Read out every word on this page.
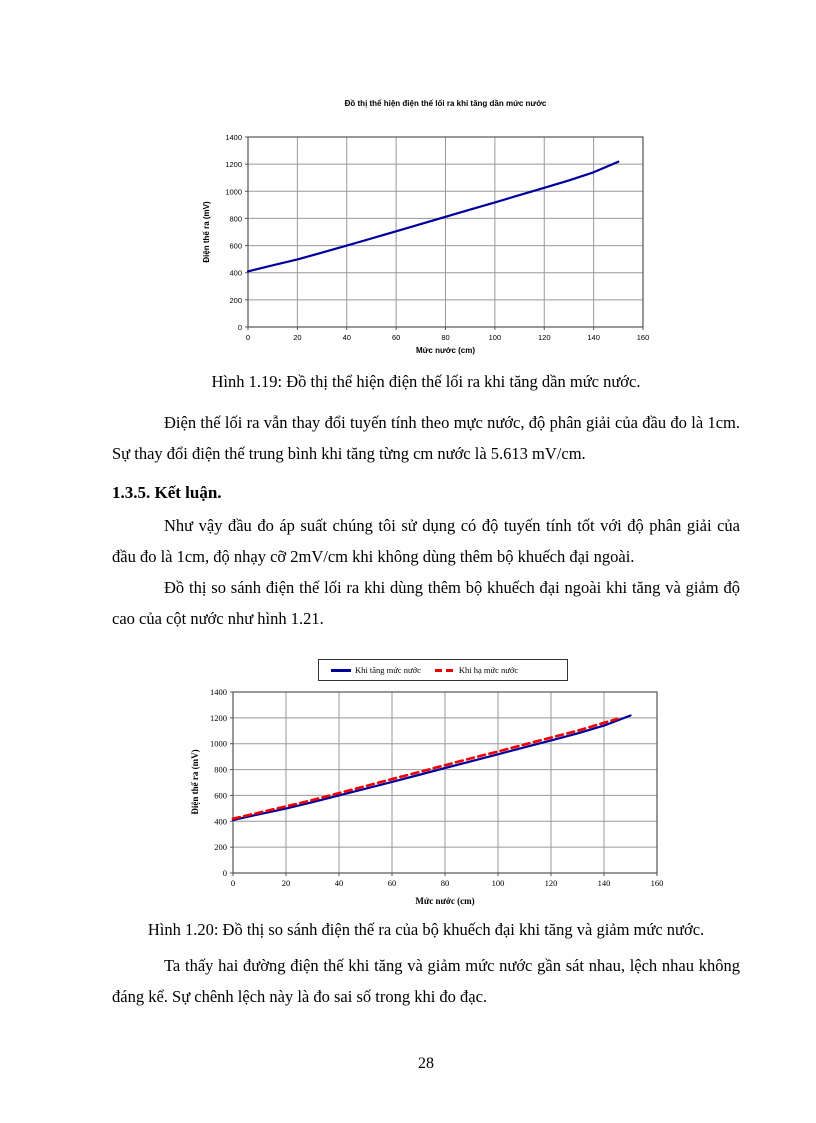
Đồ thị thể hiện điện thế lối ra khi tăng dần mức nước
Điện thế ra (mV)
0
200
400
600
800
1000
1200
1400
0	20	40	60	80	100	120	140	160
Mức nước (cm)
Hình 1.19: Đồ thị thể hiện điện thế lối ra khi tăng dần mức nước.
Điện thế lối ra vẫn thay đổi tuyến tính theo mực nước, độ phân giải của đầu đo là 1cm. Sự thay đổi điện thế trung bình khi tăng từng cm nước là 5.613 mV/cm.
1.3.5. Kết luận.
Như vậy đầu đo áp suất chúng tôi sử dụng có độ tuyến tính tốt với độ phân giải của đầu đo là 1cm, độ nhạy cỡ 2mV/cm khi không dùng thêm bộ khuếch đại ngoài.
Đồ thị so sánh điện thế lối ra khi dùng thêm bộ khuếch đại ngoài khi tăng và giảm độ cao của cột nước như hình 1.21.
Khi tăng mức nước	Khi hạ mức nước
Điện thế ra (mV)
0
200
400
600
800
1000
1200
1400
0	20	40	60	80	100	120	140	160
Mức nước (cm)
Hình 1.20: Đồ thị so sánh điện thế ra của bộ khuếch đại khi tăng và giảm mức nước.
Ta thấy hai đường điện thế khi tăng và giảm mức nước gần sát nhau, lệch nhau không đáng kể. Sự chênh lệch này là đo sai số trong khi đo đạc.
28
